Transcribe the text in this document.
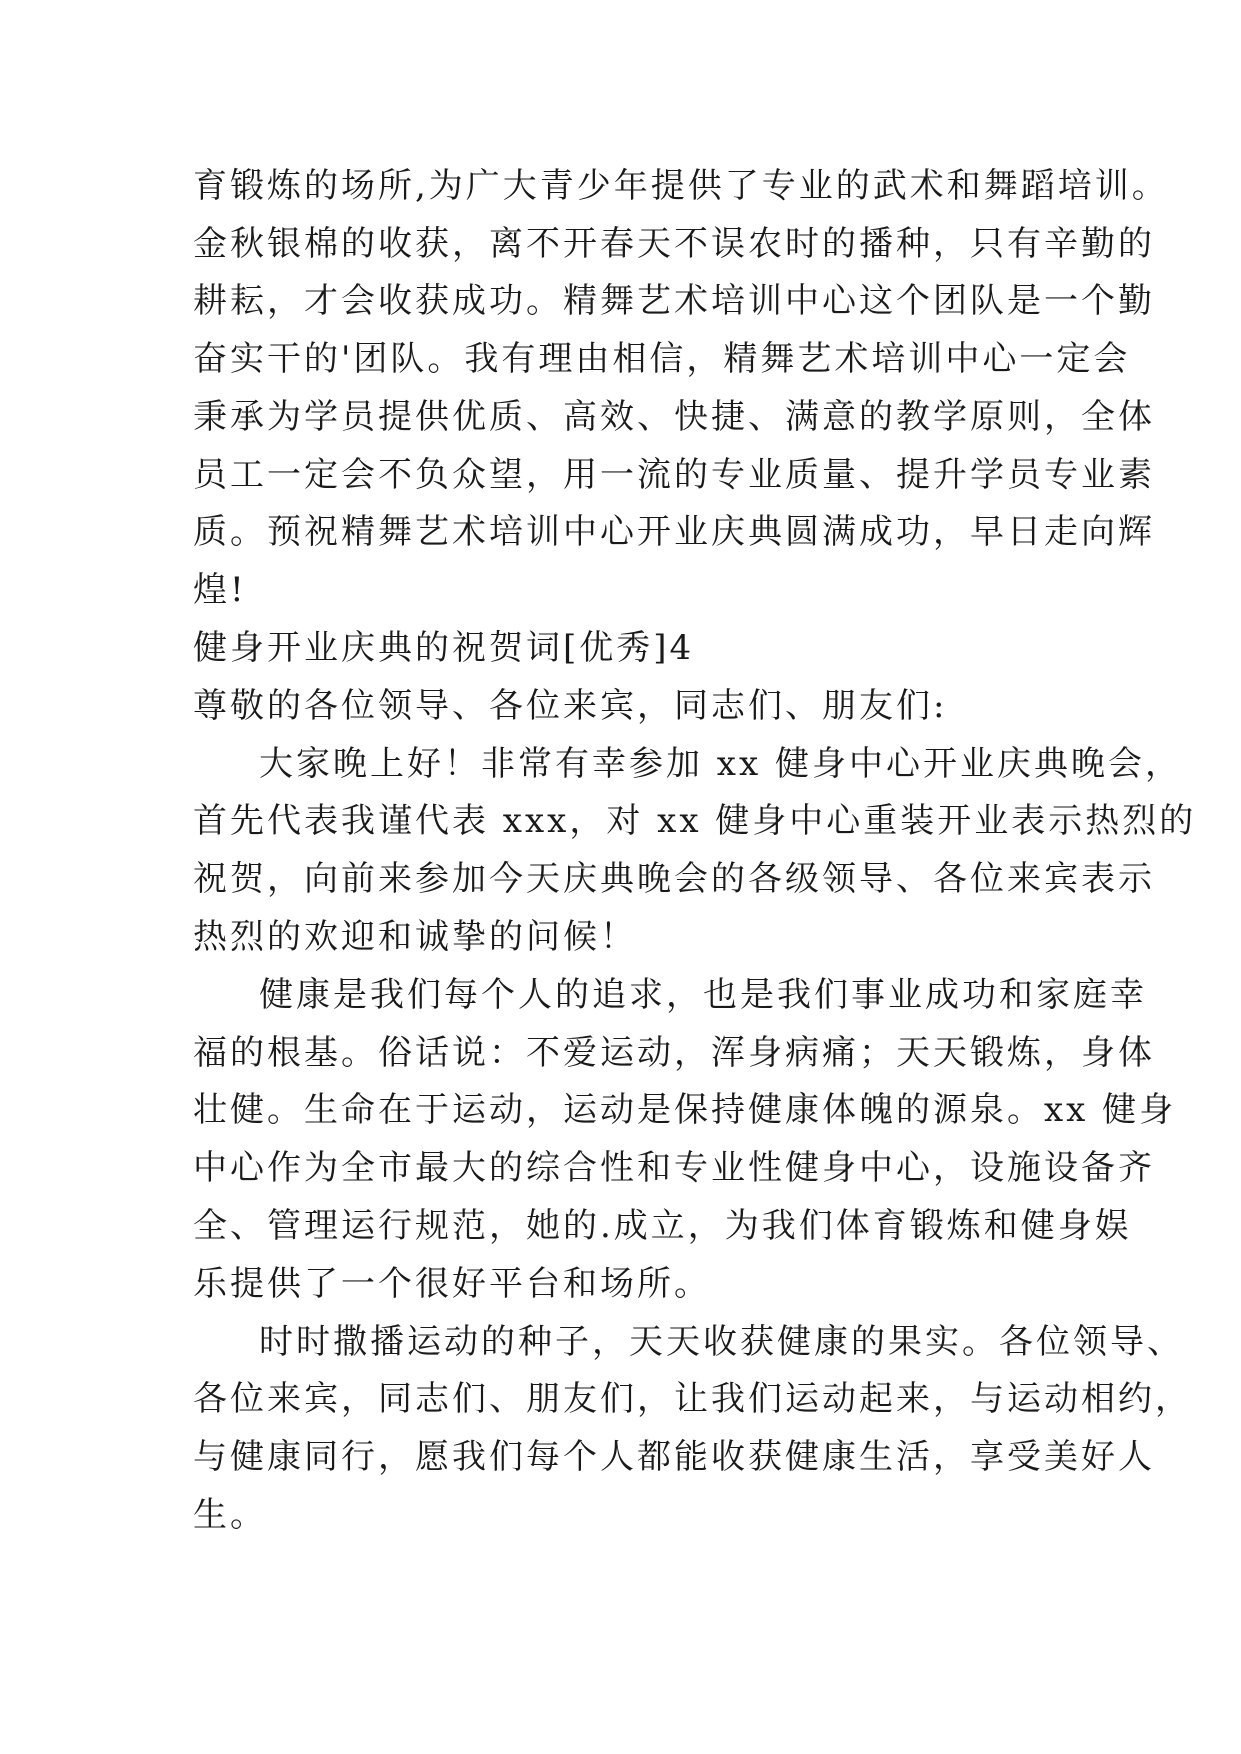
育锻炼的场所,为广大青少年提供了专业的武术和舞蹈培训。
金秋银棉的收获，离不开春天不误农时的播种，只有辛勤的
耕耘，才会收获成功。精舞艺术培训中心这个团队是一个勤
奋实干的'团队。我有理由相信，精舞艺术培训中心一定会
秉承为学员提供优质、高效、快捷、满意的教学原则，全体
员工一定会不负众望，用一流的专业质量、提升学员专业素
质。预祝精舞艺术培训中心开业庆典圆满成功，早日走向辉
煌!
健身开业庆典的祝贺词[优秀]4
尊敬的各位领导、各位来宾，同志们、朋友们:
大家晚上好！非常有幸参加 xx 健身中心开业庆典晚会，
首先代表我谨代表 xxx，对 xx 健身中心重装开业表示热烈的
祝贺，向前来参加今天庆典晚会的各级领导、各位来宾表示
热烈的欢迎和诚挚的问候！
健康是我们每个人的追求，也是我们事业成功和家庭幸
福的根基。俗话说：不爱运动，浑身病痛；天天锻炼，身体
壮健。生命在于运动，运动是保持健康体魄的源泉。xx 健身
中心作为全市最大的综合性和专业性健身中心，设施设备齐
全、管理运行规范，她的.成立，为我们体育锻炼和健身娱
乐提供了一个很好平台和场所。
时时撒播运动的种子，天天收获健康的果实。各位领导、
各位来宾，同志们、朋友们，让我们运动起来，与运动相约，
与健康同行，愿我们每个人都能收获健康生活，享受美好人
生。
